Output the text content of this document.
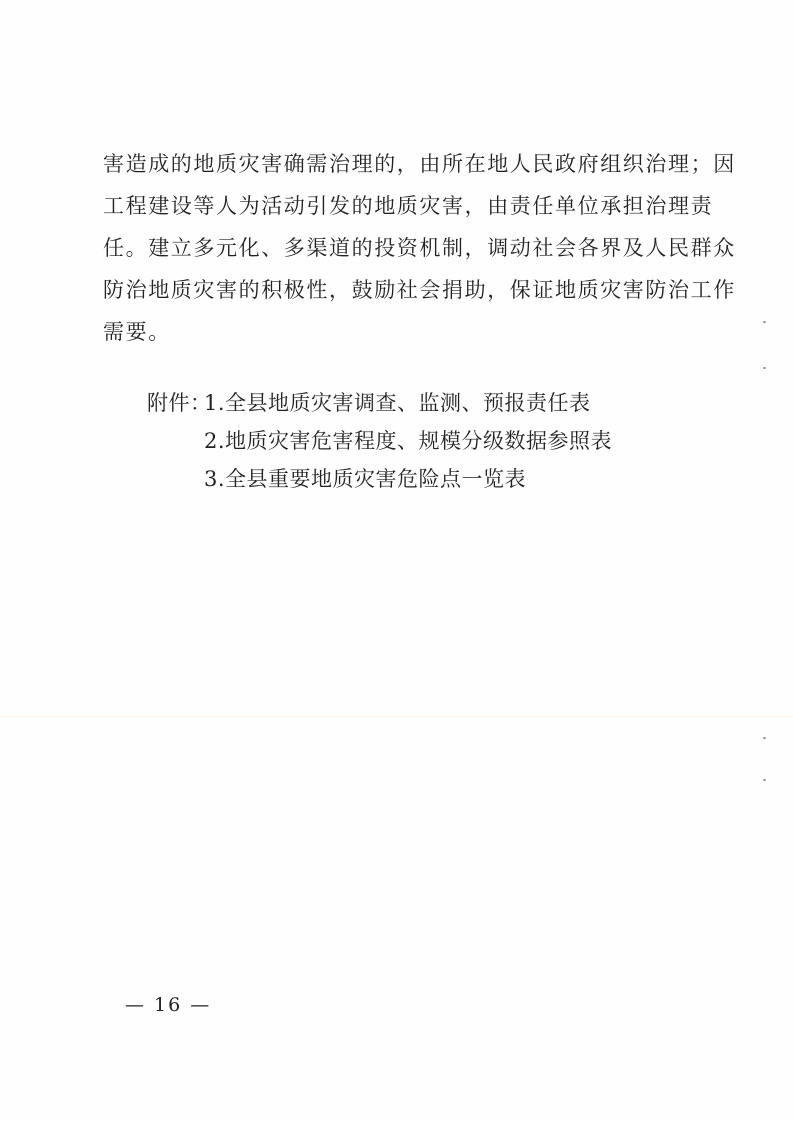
害造成的地质灾害确需治理的，由所在地人民政府组织治理；因
工程建设等人为活动引发的地质灾害，由责任单位承担治理责
任。建立多元化、多渠道的投资机制，调动社会各界及人民群众
防治地质灾害的积极性，鼓励社会捐助，保证地质灾害防治工作
需要。
附件：
1.全县地质灾害调查、监测、预报责任表
2.地质灾害危害程度、规模分级数据参照表
3.全县重要地质灾害危险点一览表
— 16 —
